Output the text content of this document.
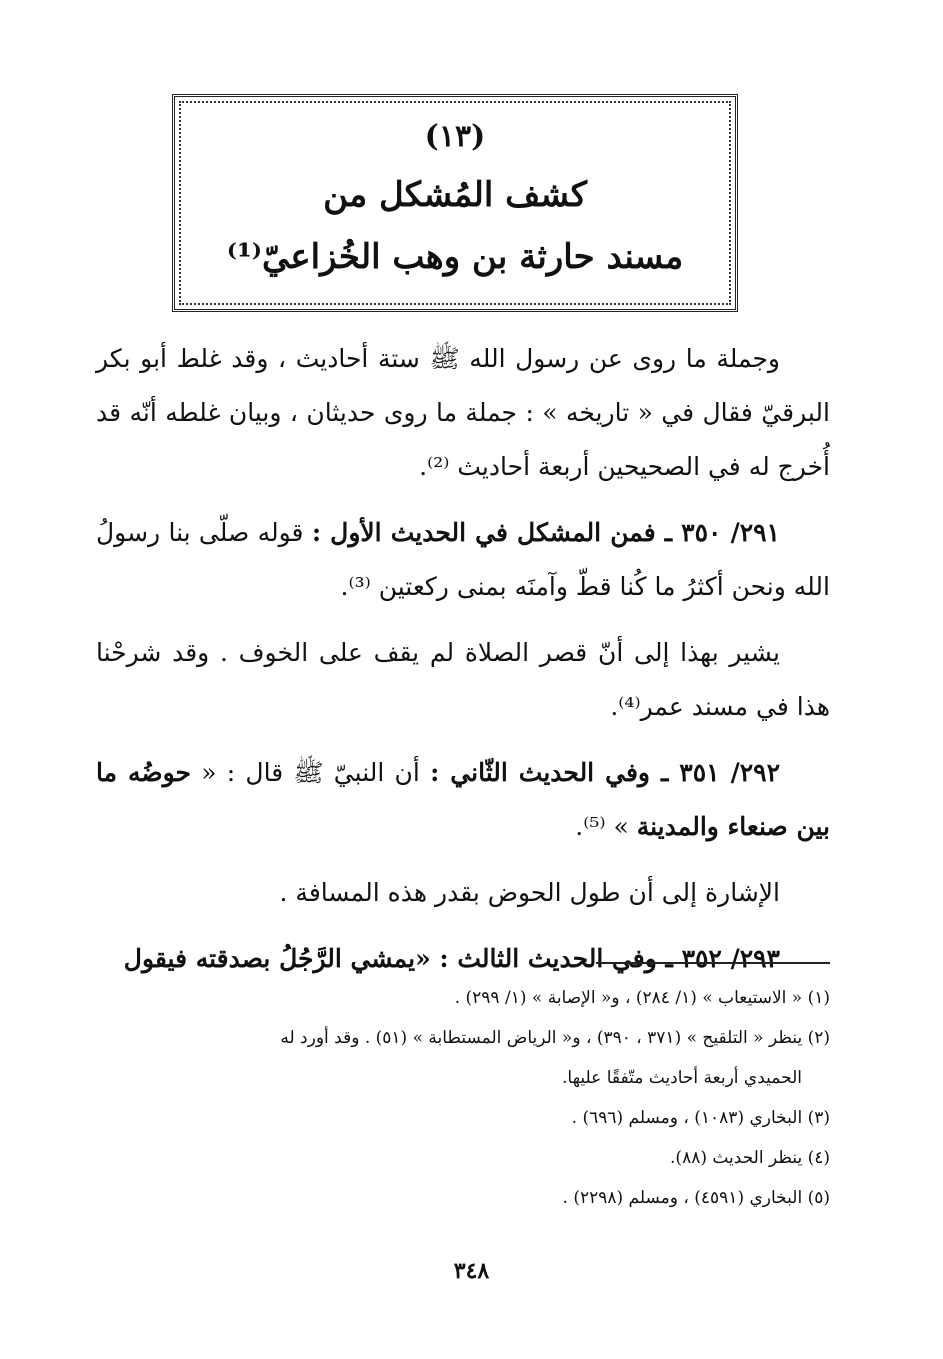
(١٣)
كشف المُشكل من
مسند حارثة بن وهب الخُزاعيّ⁽¹⁾

وجملة ما روى عن رسول الله ﷺ ستة أحاديث ، وقد غلط أبو بكر البرقيّ فقال في « تاريخه » : جملة ما روى حديثان ، وبيان غلطه أنّه قد أُخرج له في الصحيحين أربعة أحاديث ⁽²⁾.

٢٩١/ ٣٥٠ ـ فمن المشكل في الحديث الأول : قوله صلّى بنا رسولُ الله ونحن أكثرُ ما كُنا قطّ وآمنَه بمنى ركعتين ⁽³⁾.

يشير بهذا إلى أنّ قصر الصلاة لم يقف على الخوف . وقد شرحْنا هذا في مسند عمر⁽⁴⁾.

٢٩٢/ ٣٥١ ـ وفي الحديث الثّاني : أن النبيّ ﷺ قال : « حوضُه ما بين صنعاء والمدينة » ⁽⁵⁾.

الإشارة إلى أن طول الحوض بقدر هذه المسافة .

٢٩٣/ ٣٥٢ ـ وفي الحديث الثالث : «يمشي الرَّجُلُ بصدقته فيقول

(١) « الاستيعاب » (١/ ٢٨٤) ، و« الإصابة » (١/ ٢٩٩) .
(٢) ينظر « التلقيح » (٣٧١ ، ٣٩٠) ، و« الرياض المستطابة » (٥١) . وقد أورد له
الحميدي أربعة أحاديث متّفقًا عليها.
(٣) البخاري (١٠٨٣) ، ومسلم (٦٩٦) .
(٤) ينظر الحديث (٨٨).
(٥) البخاري (٤٥٩١) ، ومسلم (٢٢٩٨) .
٣٤٨
